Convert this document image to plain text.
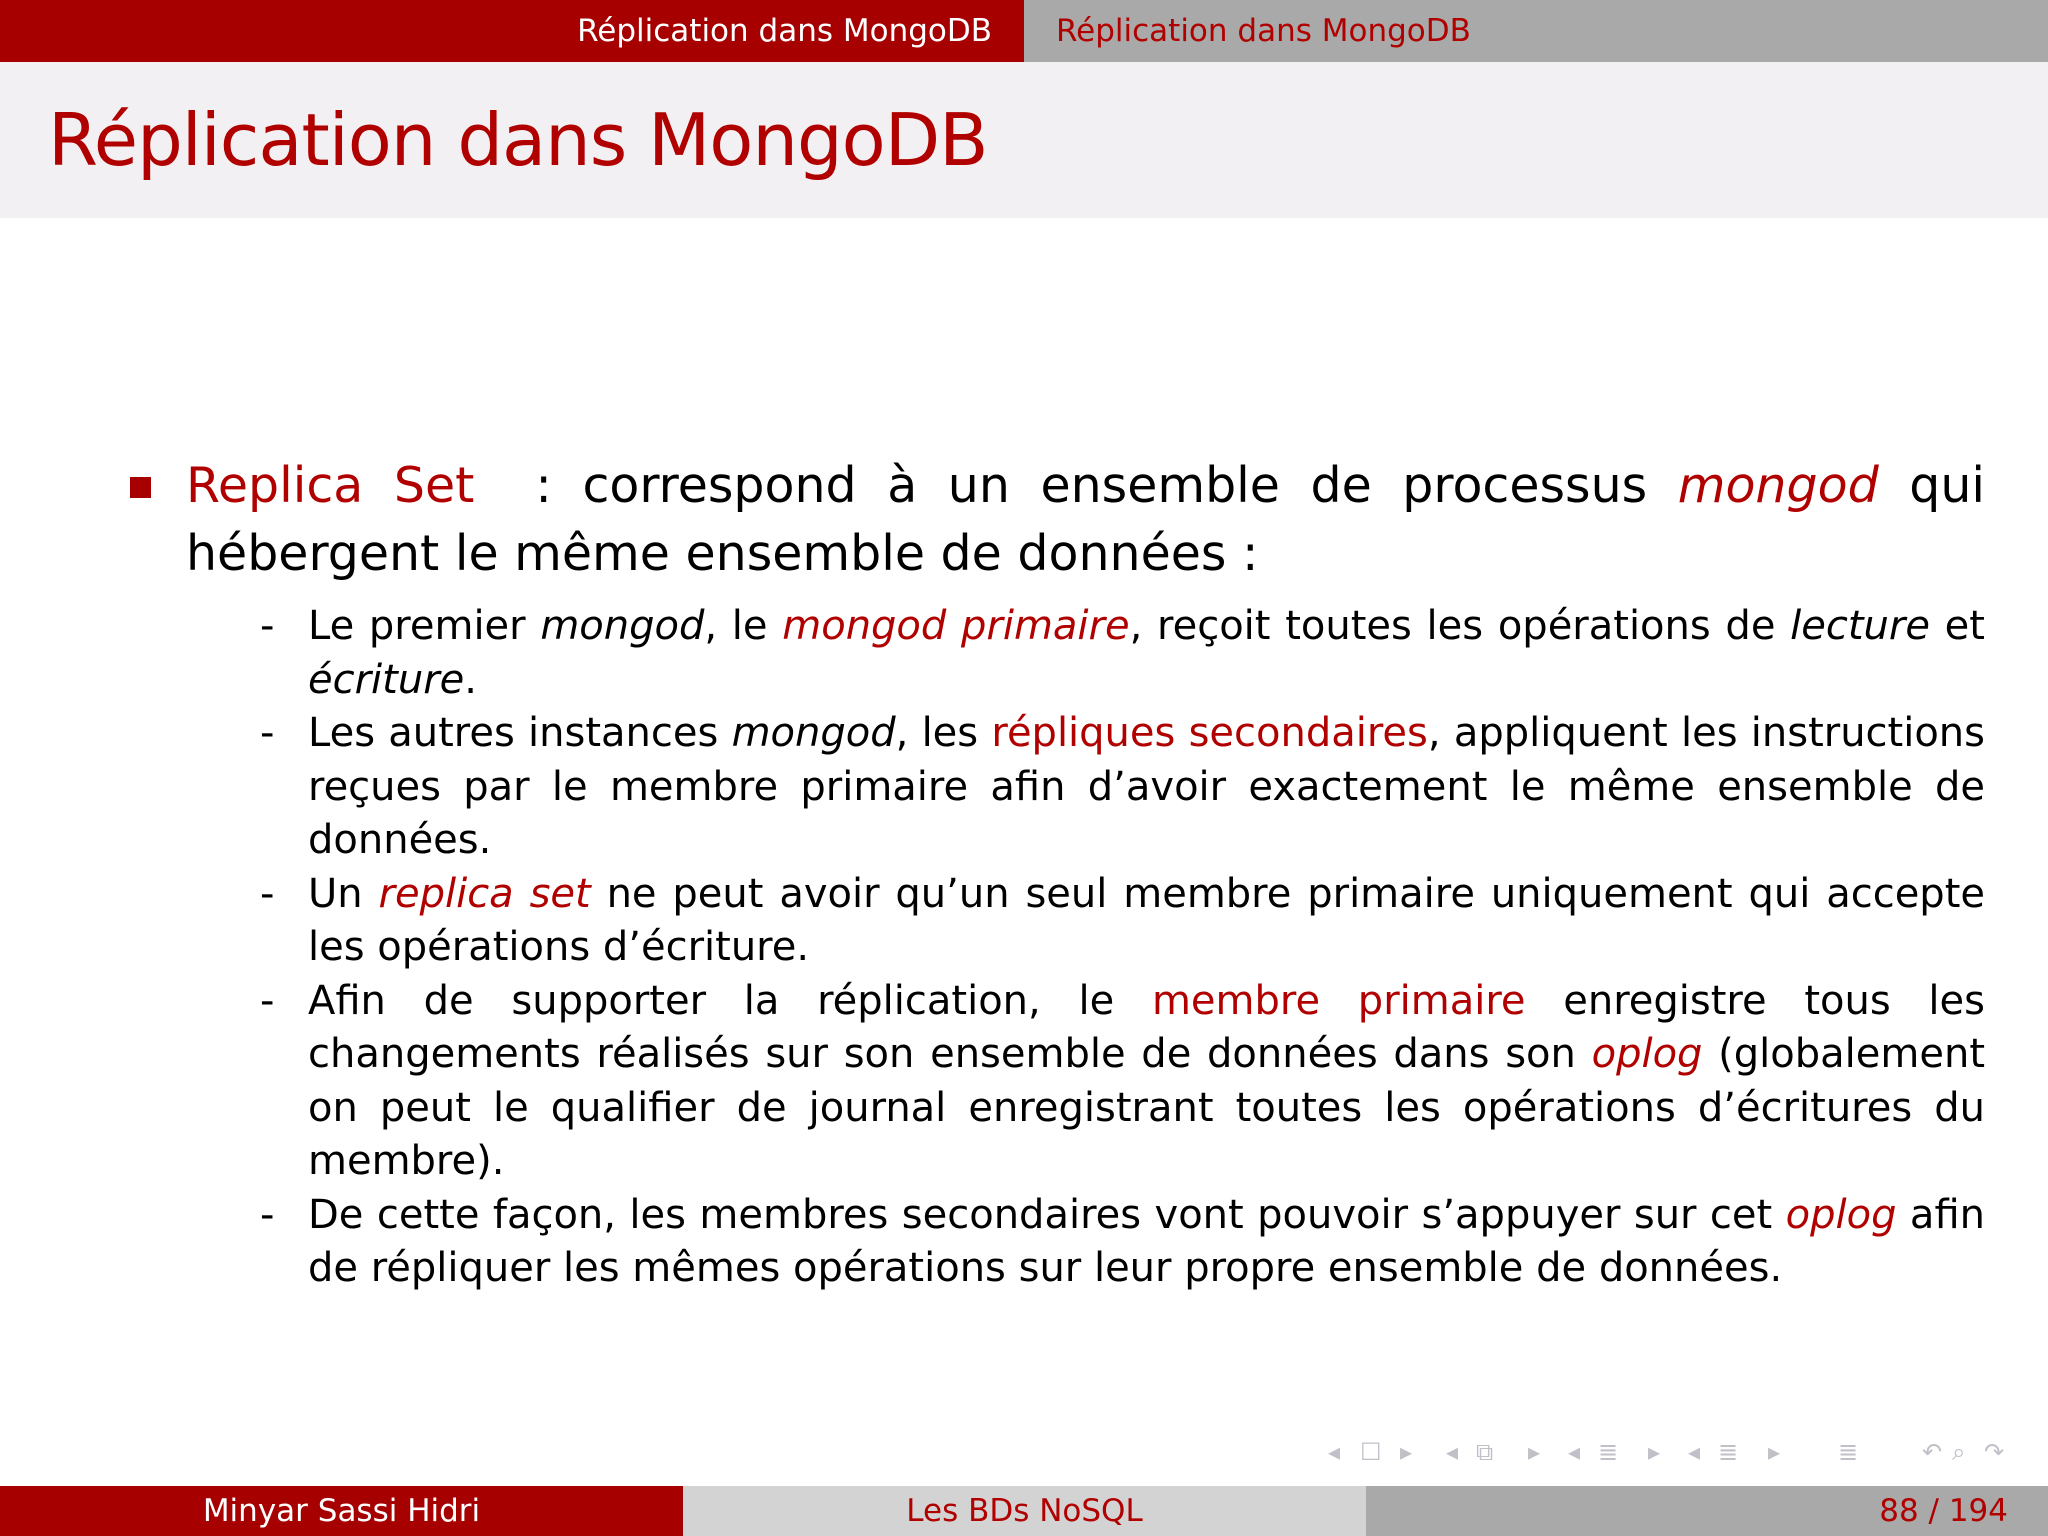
Réplication dans MongoDB	Réplication dans MongoDB
Réplication dans MongoDB
Replica Set  : correspond à un ensemble de processus mongod qui hébergent le même ensemble de données :
- Le premier mongod, le mongod primaire, reçoit toutes les opérations de lecture et écriture.
- Les autres instances mongod, les répliques secondaires, appliquent les instructions reçues par le membre primaire afin d’avoir exactement le même ensemble de données.
- Un replica set ne peut avoir qu’un seul membre primaire uniquement qui accepte les opérations d’écriture.
- Afin de supporter la réplication, le membre primaire enregistre tous les changements réalisés sur son ensemble de données dans son oplog (globalement on peut le qualifier de journal enregistrant toutes les opérations d’écritures du membre).
- De cette façon, les membres secondaires vont pouvoir s’appuyer sur cet oplog afin de répliquer les mêmes opérations sur leur propre ensemble de données.
◂ ☐ ▸ ◂ ⧉ ▸ ◂ ≣ ▸ ◂ ≣ ▸ ≣	↶ ⌕ ↷
Minyar Sassi Hidri	Les BDs NoSQL	88 / 194
